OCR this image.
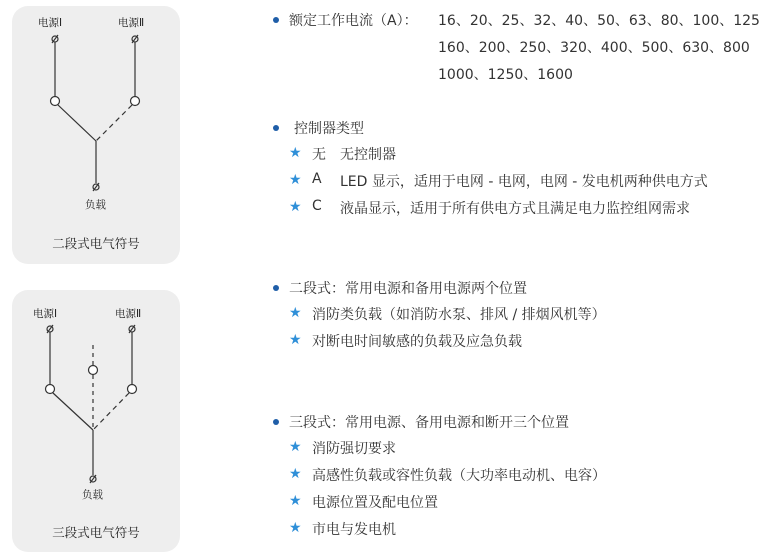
电源Ⅰ	电源Ⅱ
负载
二段式电气符号
电源Ⅰ	电源Ⅱ
负载
三段式电气符号
额定工作电流（A）： 16、20、25、32、40、50、63、80、100、125
160、200、250、320、400、500、630、800
1000、1250、1600
控制器类型
★ 无 无控制器
★ A LED 显示，适用于电网 - 电网，电网 - 发电机两种供电方式
★ C 液晶显示，适用于所有供电方式且满足电力监控组网需求
二段式：常用电源和备用电源两个位置
★ 消防类负载（如消防水泵、排风 / 排烟风机等）
★ 对断电时间敏感的负载及应急负载
三段式：常用电源、备用电源和断开三个位置
★ 消防强切要求
★ 高感性负载或容性负载（大功率电动机、电容）
★ 电源位置及配电位置
★ 市电与发电机
